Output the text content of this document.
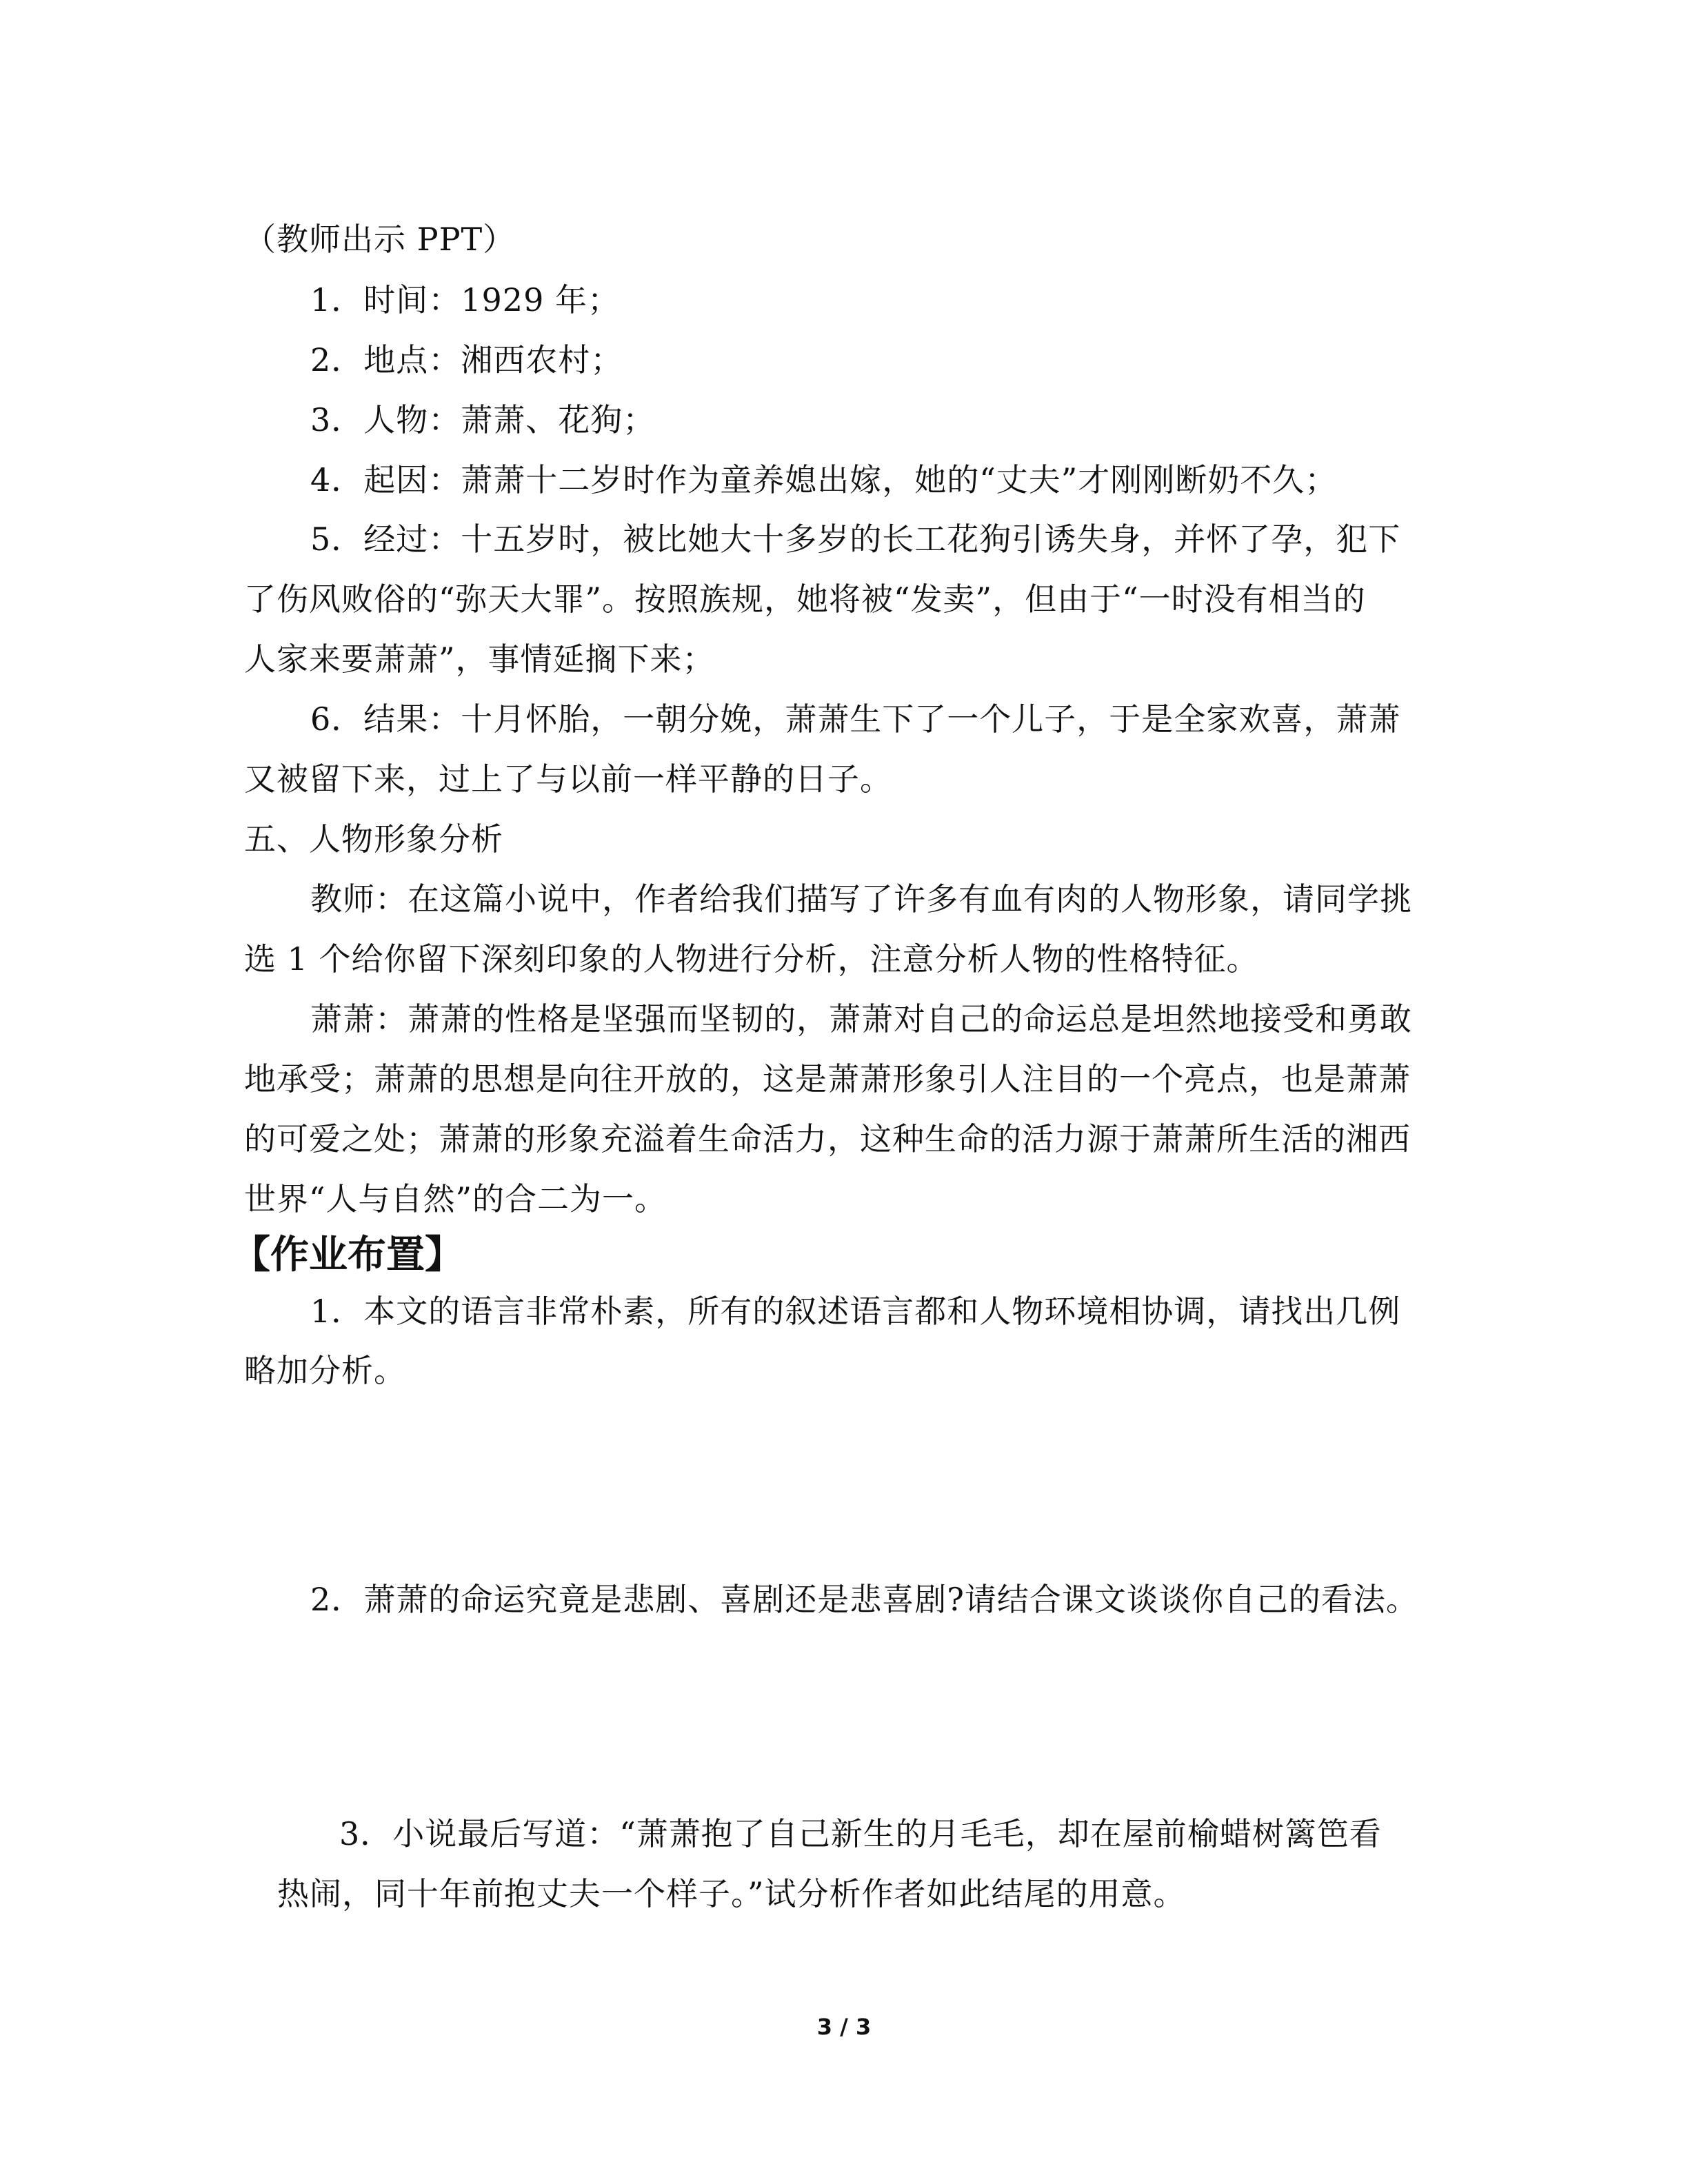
（教师出示 PPT）
1．时间：1929 年；
2．地点：湘西农村；
3．人物：萧萧、花狗；
4．起因：萧萧十二岁时作为童养媳出嫁，她的“丈夫”才刚刚断奶不久；
5．经过：十五岁时，被比她大十多岁的长工花狗引诱失身，并怀了孕，犯下
了伤风败俗的“弥天大罪”。按照族规，她将被“发卖”，但由于“一时没有相当的
人家来要萧萧”，事情延搁下来；
6．结果：十月怀胎，一朝分娩，萧萧生下了一个儿子，于是全家欢喜，萧萧
又被留下来，过上了与以前一样平静的日子。
五、人物形象分析
教师：在这篇小说中，作者给我们描写了许多有血有肉的人物形象，请同学挑
选 1 个给你留下深刻印象的人物进行分析，注意分析人物的性格特征。
萧萧：萧萧的性格是坚强而坚韧的，萧萧对自己的命运总是坦然地接受和勇敢
地承受；萧萧的思想是向往开放的，这是萧萧形象引人注目的一个亮点，也是萧萧
的可爱之处；萧萧的形象充溢着生命活力，这种生命的活力源于萧萧所生活的湘西
世界“人与自然”的合二为一。
【作业布置】
1．本文的语言非常朴素，所有的叙述语言都和人物环境相协调，请找出几例
略加分析。
2．萧萧的命运究竟是悲剧、喜剧还是悲喜剧?请结合课文谈谈你自己的看法。
3．小说最后写道：“萧萧抱了自己新生的月毛毛，却在屋前榆蜡树篱笆看
热闹，同十年前抱丈夫一个样子。”试分析作者如此结尾的用意。
3 / 3
